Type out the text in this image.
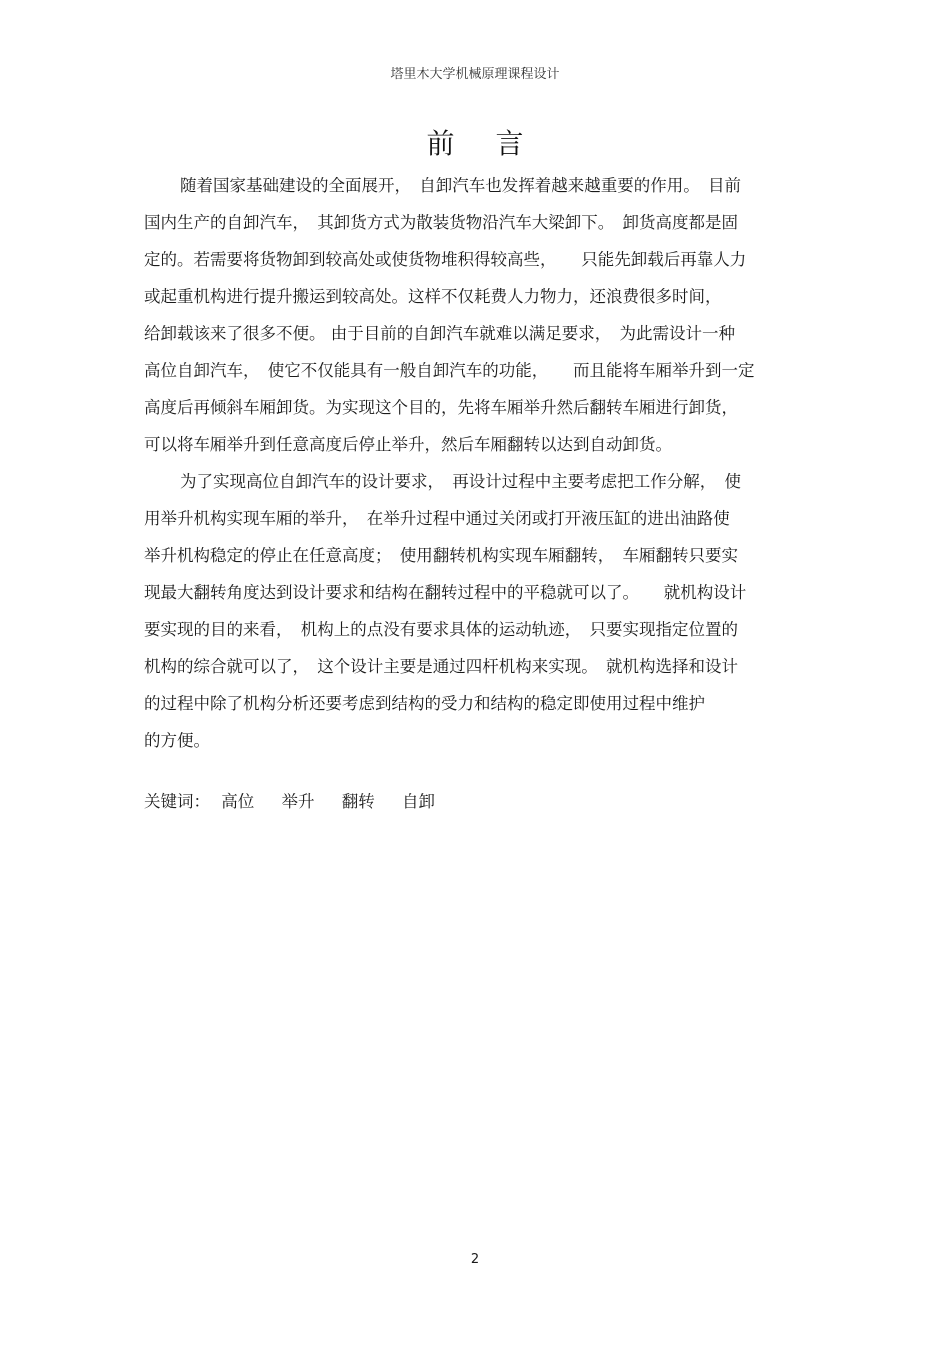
塔里木大学机械原理课程设计
前 言

随着国家基础建设的全面展开，　自卸汽车也发挥着越来越重要的作用。　目前
国内生产的自卸汽车，　其卸货方式为散装货物沿汽车大梁卸下。　卸货高度都是固
定的。若需要将货物卸到较高处或使货物堆积得较高些，　　只能先卸载后再靠人力
或起重机构进行提升搬运到较高处。这样不仅耗费人力物力，还浪费很多时间，
给卸载该来了很多不便。 由于目前的自卸汽车就难以满足要求，　为此需设计一种
高位自卸汽车，　使它不仅能具有一般自卸汽车的功能，　　而且能将车厢举升到一定
高度后再倾斜车厢卸货。为实现这个目的，先将车厢举升然后翻转车厢进行卸货，
可以将车厢举升到任意高度后停止举升，然后车厢翻转以达到自动卸货。

为了实现高位自卸汽车的设计要求，　再设计过程中主要考虑把工作分解，　使
用举升机构实现车厢的举升，　在举升过程中通过关闭或打开液压缸的进出油路使
举升机构稳定的停止在任意高度；　使用翻转机构实现车厢翻转，　车厢翻转只要实
现最大翻转角度达到设计要求和结构在翻转过程中的平稳就可以了。　　就机构设计
要实现的目的来看，　机构上的点没有要求具体的运动轨迹，　只要实现指定位置的
机构的综合就可以了，　这个设计主要是通过四杆机构来实现。　就机构选择和设计
的过程中除了机构分析还要考虑到结构的受力和结构的稳定即使用过程中维护
的方便。

关键词： 高位 举升 翻转 自卸
2
